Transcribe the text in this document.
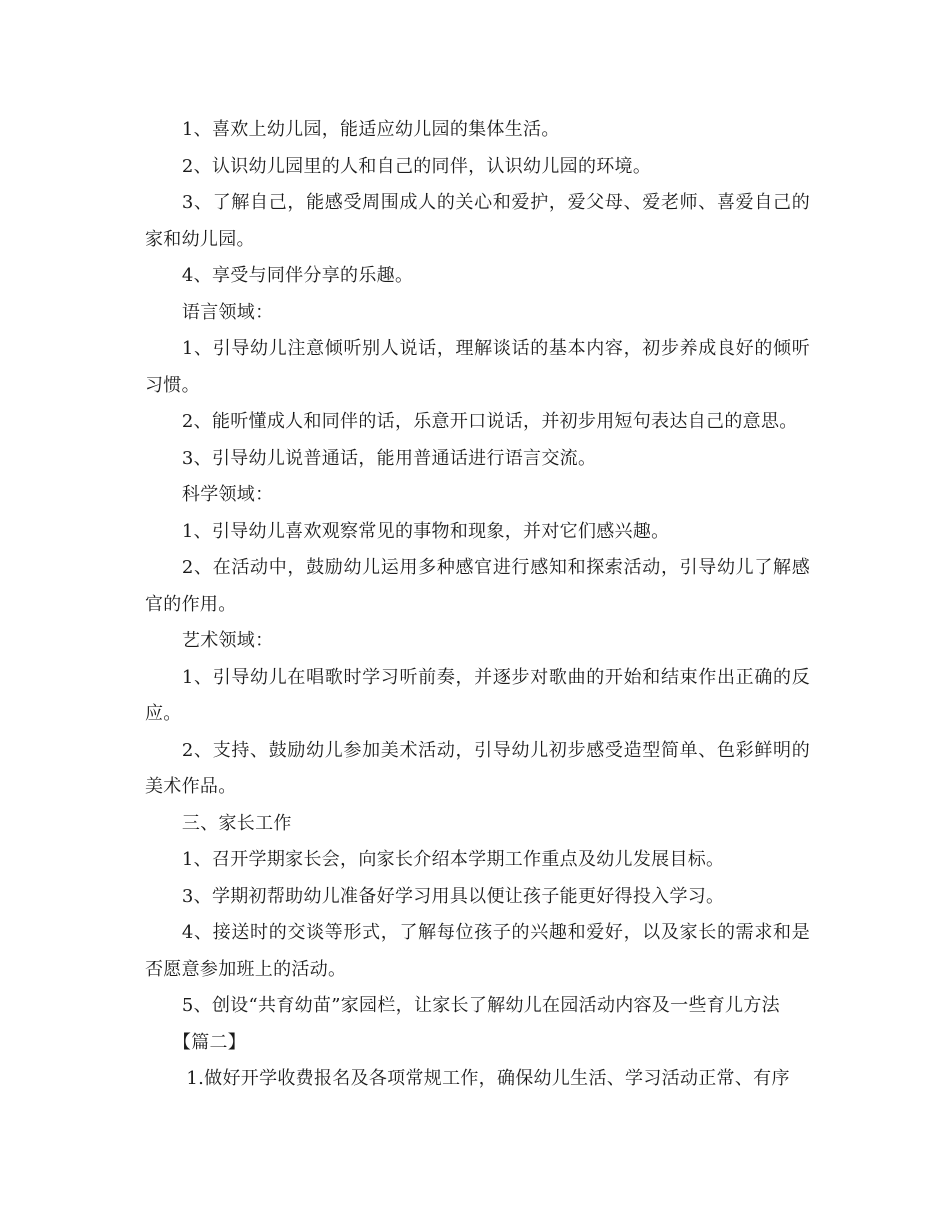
1、喜欢上幼儿园，能适应幼儿园的集体生活。

2、认识幼儿园里的人和自己的同伴，认识幼儿园的环境。

3、了解自己，能感受周围成人的关心和爱护，爱父母、爱老师、喜爱自己的家和幼儿园。

4、享受与同伴分享的乐趣。

语言领域：

1、引导幼儿注意倾听别人说话，理解谈话的基本内容，初步养成良好的倾听习惯。

2、能听懂成人和同伴的话，乐意开口说话，并初步用短句表达自己的意思。

3、引导幼儿说普通话，能用普通话进行语言交流。

科学领域：

1、引导幼儿喜欢观察常见的事物和现象，并对它们感兴趣。

2、在活动中，鼓励幼儿运用多种感官进行感知和探索活动，引导幼儿了解感官的作用。

艺术领域：

1、引导幼儿在唱歌时学习听前奏，并逐步对歌曲的开始和结束作出正确的反应。

2、支持、鼓励幼儿参加美术活动，引导幼儿初步感受造型简单、色彩鲜明的美术作品。

三、家长工作

1、召开学期家长会，向家长介绍本学期工作重点及幼儿发展目标。

3、学期初帮助幼儿准备好学习用具以便让孩子能更好得投入学习。

4、接送时的交谈等形式，了解每位孩子的兴趣和爱好，以及家长的需求和是否愿意参加班上的活动。

5、创设“共育幼苗”家园栏，让家长了解幼儿在园活动内容及一些育儿方法

【篇二】

1.做好开学收费报名及各项常规工作，确保幼儿生活、学习活动正常、有序
